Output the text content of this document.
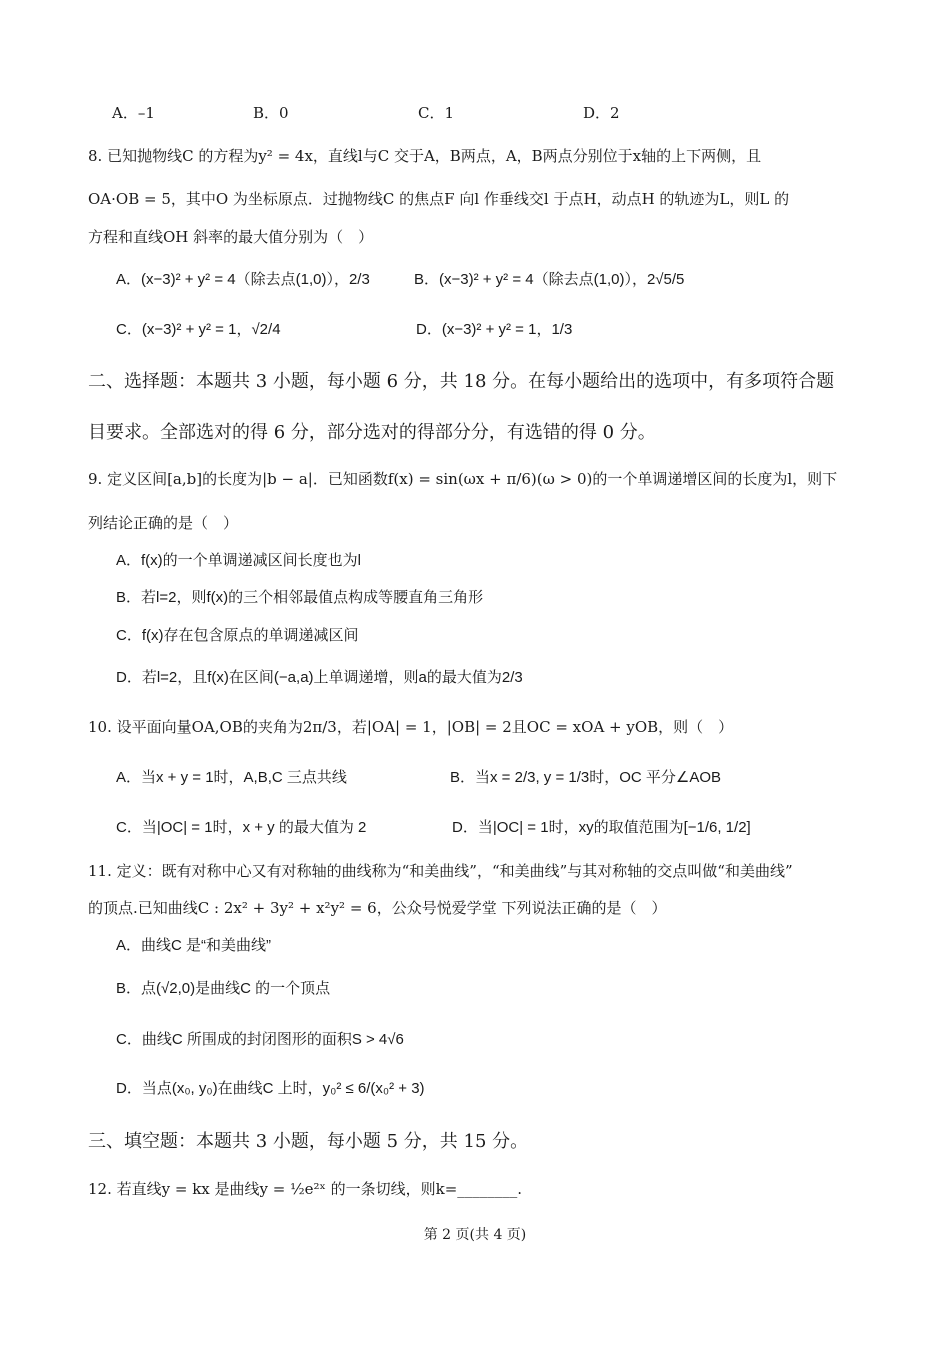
A．–1	B．0	C．1	D．2
8. 已知抛物线C 的方程为y² = 4x，直线l与C 交于A，B两点，A，B两点分别位于x轴的上下两侧，且
OA·OB = 5，其中O 为坐标原点．过抛物线C 的焦点F 向l 作垂线交l 于点H，动点H 的轨迹为L，则L 的
方程和直线OH 斜率的最大值分别为（　）
A．(x−3)² + y² = 4（除去点(1,0)），2/3	B．(x−3)² + y² = 4（除去点(1,0)），2√5/5
C．(x−3)² + y² = 1，√2/4	D．(x−3)² + y² = 1，1/3
二、选择题：本题共 3 小题，每小题 6 分，共 18 分。在每小题给出的选项中，有多项符合题
目要求。全部选对的得 6 分，部分选对的得部分分，有选错的得 0 分。
9. 定义区间[a,b]的长度为|b − a|．已知函数f(x) = sin(ωx + π/6)(ω > 0)的一个单调递增区间的长度为l，则下
列结论正确的是（　）
A．f(x)的一个单调递减区间长度也为l
B．若l=2，则f(x)的三个相邻最值点构成等腰直角三角形
C．f(x)存在包含原点的单调递减区间
D．若l=2，且f(x)在区间(−a,a)上单调递增，则a的最大值为2/3
10. 设平面向量OA,OB的夹角为2π/3，若|OA| = 1，|OB| = 2且OC = xOA + yOB，则（　）
A．当x + y = 1时，A,B,C 三点共线	B．当x = 2/3, y = 1/3时，OC 平分∠AOB
C．当|OC| = 1时，x + y 的最大值为 2	D．当|OC| = 1时，xy的取值范围为[−1/6, 1/2]
11. 定义：既有对称中心又有对称轴的曲线称为“和美曲线”，“和美曲线”与其对称轴的交点叫做“和美曲线”
的顶点.已知曲线C : 2x² + 3y² + x²y² = 6，公众号悦爱学堂 下列说法正确的是（　）
A．曲线C 是“和美曲线”
B．点(√2,0)是曲线C 的一个顶点
C．曲线C 所围成的封闭图形的面积S > 4√6
D．当点(x₀, y₀)在曲线C 上时，y₀² ≤ 6/(x₀² + 3)
三、填空题：本题共 3 小题，每小题 5 分，共 15 分。
12. 若直线y = kx 是曲线y = ½e²ˣ 的一条切线，则k=________.
第 2 页(共 4 页)
